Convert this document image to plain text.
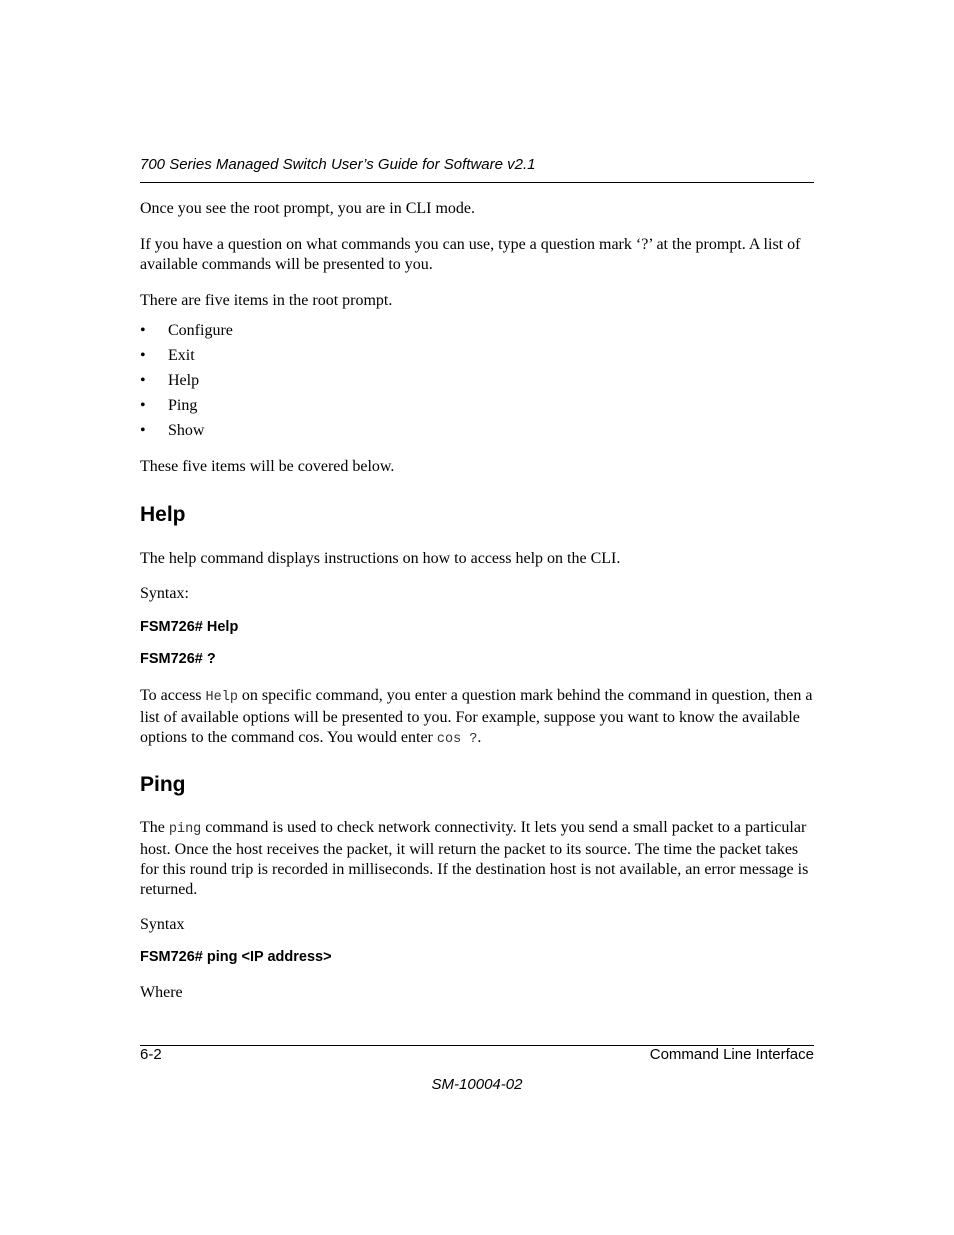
700 Series Managed Switch User’s Guide for Software v2.1
Once you see the root prompt, you are in CLI mode.
If you have a question on what commands you can use, type a question mark ‘?’ at the prompt. A list of available commands will be presented to you.
There are five items in the root prompt.
• Configure
• Exit
• Help
• Ping
• Show
These five items will be covered below.
Help
The help command displays instructions on how to access help on the CLI.
Syntax:
FSM726# Help
FSM726# ?
To access Help on specific command, you enter a question mark behind the command in question, then a list of available options will be presented to you. For example, suppose you want to know the available options to the command cos. You would enter cos ?.
Ping
The ping command is used to check network connectivity. It lets you send a small packet to a particular host. Once the host receives the packet, it will return the packet to its source. The time the packet takes for this round trip is recorded in milliseconds. If the destination host is not available, an error message is returned.
Syntax
FSM726# ping <IP address>
Where
6-2	Command Line Interface
SM-10004-02
